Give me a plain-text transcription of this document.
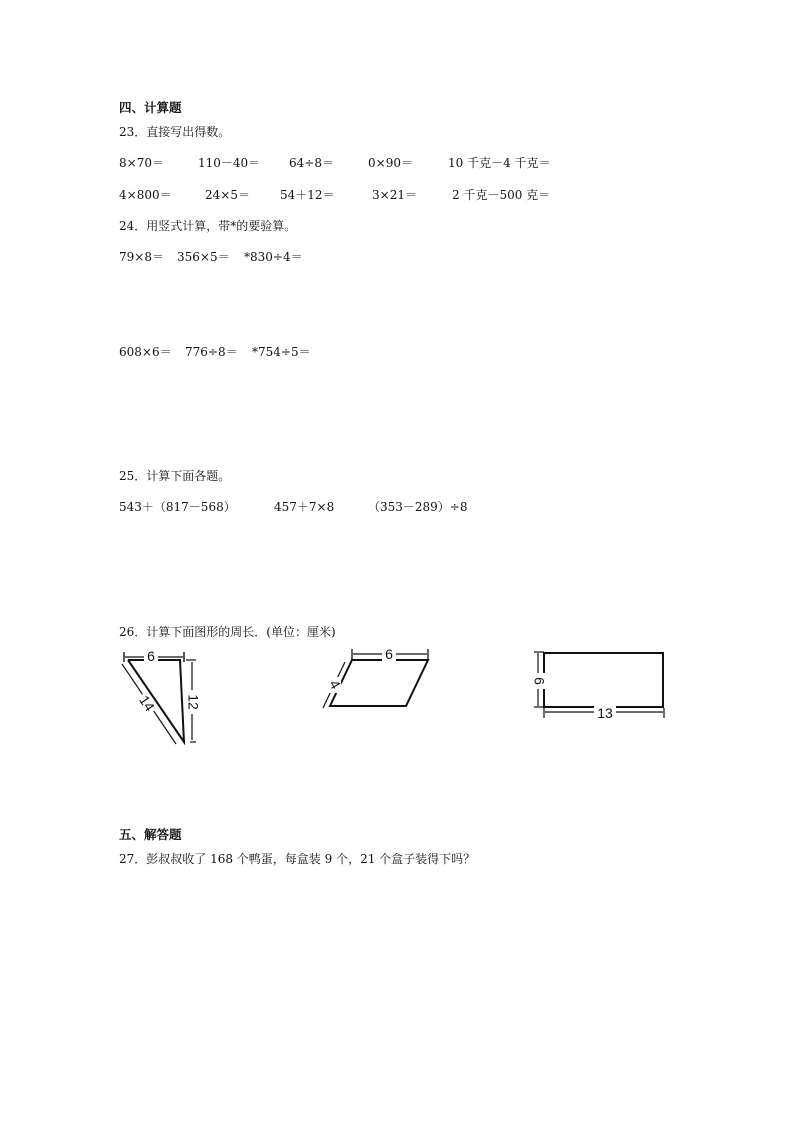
四、计算题
23．直接写出得数。
8×70＝	110－40＝ 64÷8＝	0×90＝	10 千克－4 千克＝
4×800＝	24×5＝	54＋12＝	3×21＝	2 千克－500 克＝
24．用竖式计算，带*的要验算。
79×8＝ 356×5＝ *830÷4＝
608×6＝ 776÷8＝ *754÷5＝
25．计算下面各题。
543＋（817－568）	457＋7×8	（353－289）÷8
26．计算下面图形的周长．(单位：厘米)
6
12
14
6
4	6
13
五、解答题
27．彭叔叔收了 168 个鸭蛋，每盒装 9 个，21 个盒子装得下吗？
